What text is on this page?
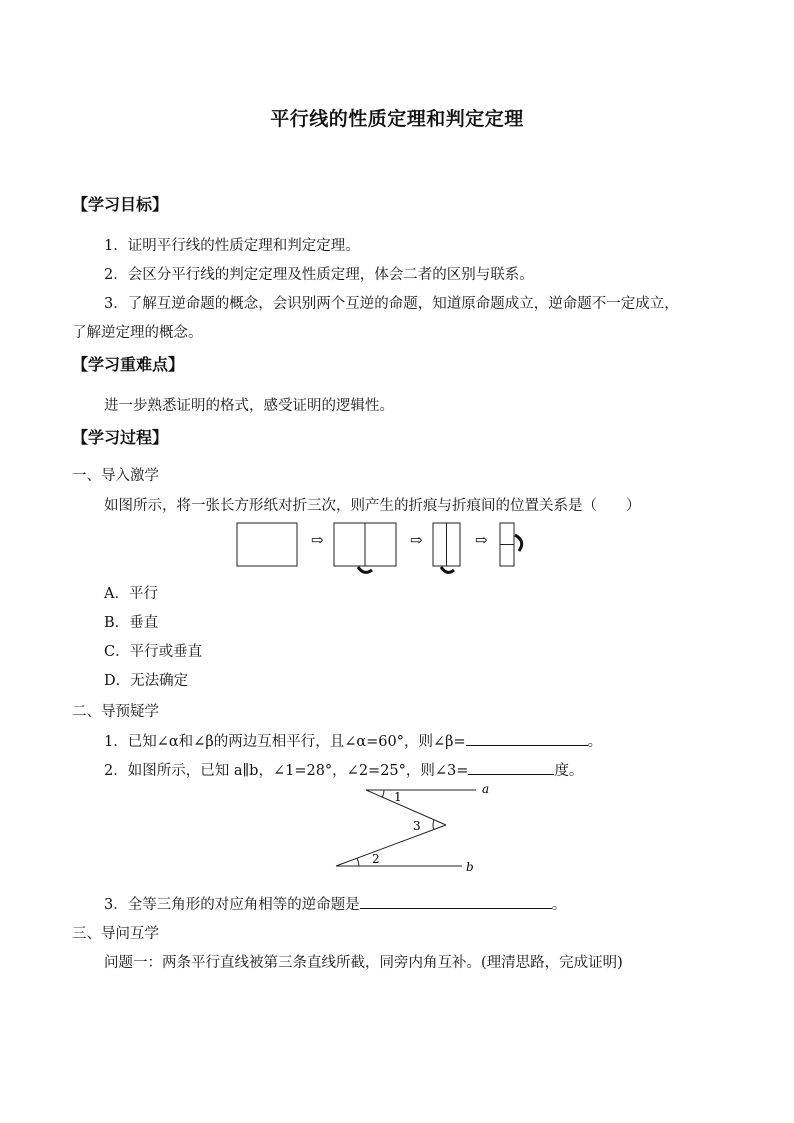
平行线的性质定理和判定定理
【学习目标】
1．证明平行线的性质定理和判定定理。
2．会区分平行线的判定定理及性质定理，体会二者的区别与联系。
3．了解互逆命题的概念，会识别两个互逆的命题，知道原命题成立，逆命题不一定成立，
了解逆定理的概念。
【学习重难点】
进一步熟悉证明的格式，感受证明的逻辑性。
【学习过程】
一、导入激学
如图所示，将一张长方形纸对折三次，则产生的折痕与折痕间的位置关系是（　　）
⇨	⇨	⇨
A．平行
B．垂直
C．平行或垂直
D．无法确定
二、导预疑学
1．已知∠α和∠β的两边互相平行，且∠α=60°，则∠β=	。
2．如图所示，已知 a∥b，∠1=28°，∠2=25°，则∠3=	度。
1
3
2
a
b
3．全等三角形的对应角相等的逆命题是	。
三、导问互学
问题一：两条平行直线被第三条直线所截，同旁内角互补。(理清思路，完成证明)
